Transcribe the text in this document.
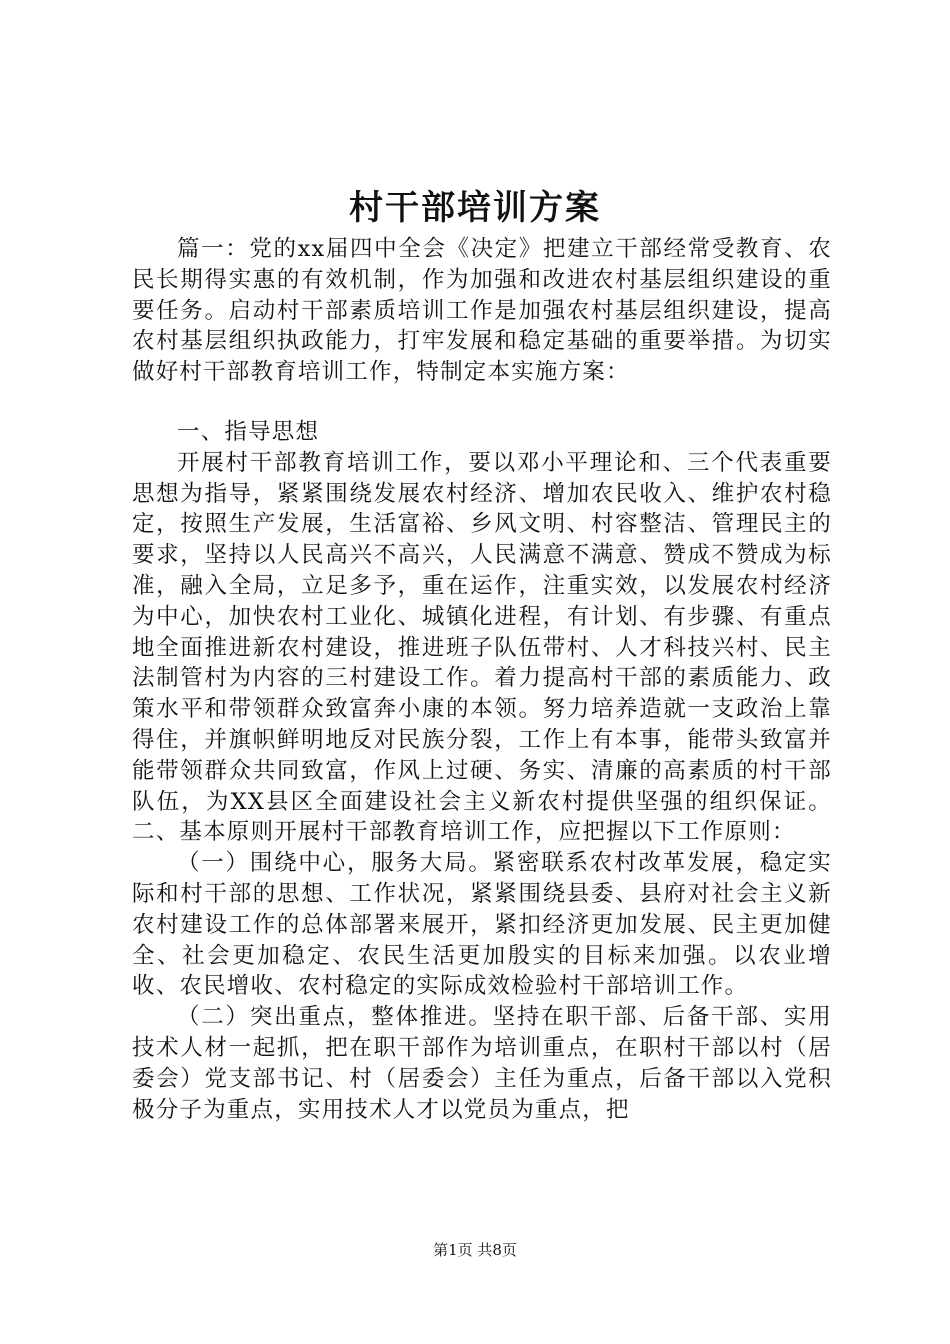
村干部培训方案

篇一：党的xx届四中全会《决定》把建立干部经常受教育、农民长期得实惠的有效机制，作为加强和改进农村基层组织建设的重要任务。启动村干部素质培训工作是加强农村基层组织建设，提高农村基层组织执政能力，打牢发展和稳定基础的重要举措。为切实做好村干部教育培训工作，特制定本实施方案：

一、指导思想

开展村干部教育培训工作，要以邓小平理论和、三个代表重要思想为指导，紧紧围绕发展农村经济、增加农民收入、维护农村稳定，按照生产发展，生活富裕、乡风文明、村容整洁、管理民主的要求，坚持以人民高兴不高兴，人民满意不满意、赞成不赞成为标准，融入全局，立足多予，重在运作，注重实效，以发展农村经济为中心，加快农村工业化、城镇化进程，有计划、有步骤、有重点地全面推进新农村建设，推进班子队伍带村、人才科技兴村、民主法制管村为内容的三村建设工作。着力提高村干部的素质能力、政策水平和带领群众致富奔小康的本领。努力培养造就一支政治上靠得住，并旗帜鲜明地反对民族分裂，工作上有本事，能带头致富并能带领群众共同致富，作风上过硬、务实、清廉的高素质的村干部队伍，为XX县区全面建设社会主义新农村提供坚强的组织保证。二、基本原则开展村干部教育培训工作，应把握以下工作原则：

（一）围绕中心，服务大局。紧密联系农村改革发展，稳定实际和村干部的思想、工作状况，紧紧围绕县委、县府对社会主义新农村建设工作的总体部署来展开，紧扣经济更加发展、民主更加健全、社会更加稳定、农民生活更加殷实的目标来加强。以农业增收、农民增收、农村稳定的实际成效检验村干部培训工作。

（二）突出重点，整体推进。坚持在职干部、后备干部、实用技术人材一起抓，把在职干部作为培训重点，在职村干部以村（居委会）党支部书记、村（居委会）主任为重点，后备干部以入党积极分子为重点，实用技术人才以党员为重点，把

第1页 共8页
